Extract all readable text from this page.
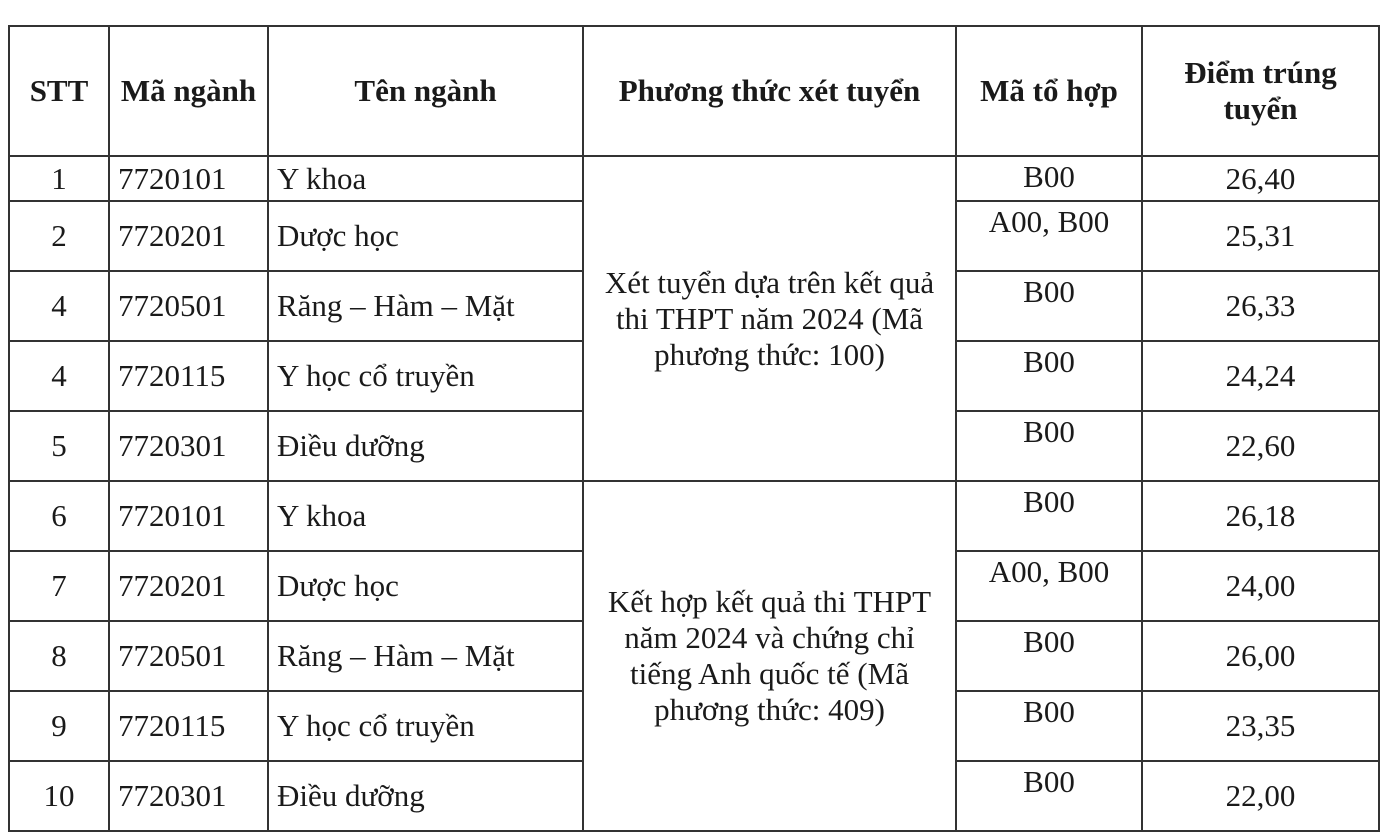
STT	Mã ngành	Tên ngành	Phương thức xét tuyển	Mã tổ hợp	Điểm trúng tuyển
1	7720101	Y khoa	Xét tuyển dựa trên kết quả thi THPT năm 2024 (Mã phương thức: 100)	B00	26,40
2	7720201	Dược học		A00, B00	25,31
4	7720501	Răng – Hàm – Mặt		B00	26,33
4	7720115	Y học cổ truyền		B00	24,24
5	7720301	Điều dưỡng		B00	22,60
6	7720101	Y khoa	Kết hợp kết quả thi THPT năm 2024 và chứng chỉ tiếng Anh quốc tế (Mã phương thức: 409)	B00	26,18
7	7720201	Dược học		A00, B00	24,00
8	7720501	Răng – Hàm – Mặt		B00	26,00
9	7720115	Y học cổ truyền		B00	23,35
10	7720301	Điều dưỡng		B00	22,00
